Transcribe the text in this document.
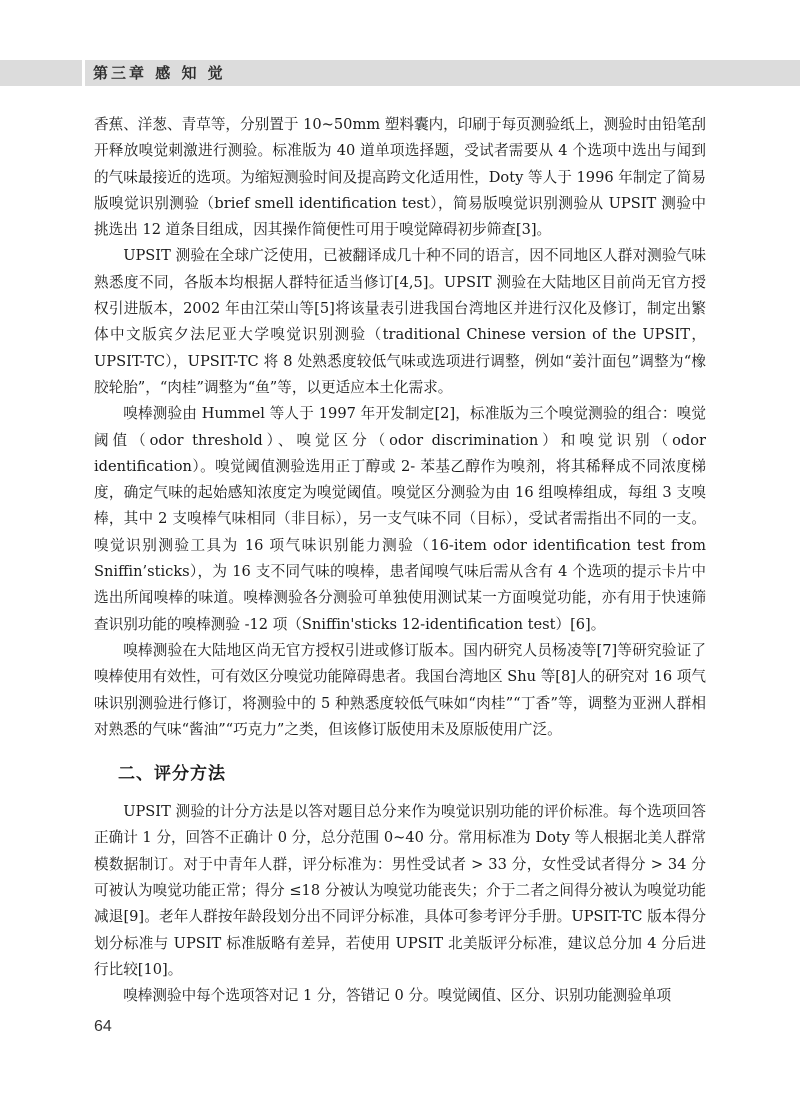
第三章 感 知 觉

香蕉、洋葱、青草等，分别置于 10~50mm 塑料囊内，印刷于每页测验纸上，测验时由铅笔刮开释放嗅觉刺激进行测验。标准版为 40 道单项选择题，受试者需要从 4 个选项中选出与闻到的气味最接近的选项。为缩短测验时间及提高跨文化适用性，Doty 等人于 1996 年制定了简易版嗅觉识别测验（brief smell identification test），简易版嗅觉识别测验从 UPSIT 测验中挑选出 12 道条目组成，因其操作简便性可用于嗅觉障碍初步筛查[3]。

UPSIT 测验在全球广泛使用，已被翻译成几十种不同的语言，因不同地区人群对测验气味熟悉度不同，各版本均根据人群特征适当修订[4,5]。UPSIT 测验在大陆地区目前尚无官方授权引进版本，2002 年由江荣山等[5]将该量表引进我国台湾地区并进行汉化及修订，制定出繁体中文版宾夕法尼亚大学嗅觉识别测验（traditional Chinese version of the UPSIT，UPSIT-TC），UPSIT-TC 将 8 处熟悉度较低气味或选项进行调整，例如“姜汁面包”调整为“橡胶轮胎”，“肉桂”调整为“鱼”等，以更适应本土化需求。

嗅棒测验由 Hummel 等人于 1997 年开发制定[2]，标准版为三个嗅觉测验的组合：嗅觉阈值（odor threshold）、嗅觉区分（odor discrimination）和嗅觉识别（odor identification）。嗅觉阈值测验选用正丁醇或 2- 苯基乙醇作为嗅剂，将其稀释成不同浓度梯度，确定气味的起始感知浓度定为嗅觉阈值。嗅觉区分测验为由 16 组嗅棒组成，每组 3 支嗅棒，其中 2 支嗅棒气味相同（非目标），另一支气味不同（目标），受试者需指出不同的一支。嗅觉识别测验工具为 16 项气味识别能力测验（16-item odor identification test from Sniffin’sticks），为 16 支不同气味的嗅棒，患者闻嗅气味后需从含有 4 个选项的提示卡片中选出所闻嗅棒的味道。嗅棒测验各分测验可单独使用测试某一方面嗅觉功能，亦有用于快速筛查识别功能的嗅棒测验 -12 项（Sniffin'sticks 12-identification test）[6]。

嗅棒测验在大陆地区尚无官方授权引进或修订版本。国内研究人员杨凌等[7]等研究验证了嗅棒使用有效性，可有效区分嗅觉功能障碍患者。我国台湾地区 Shu 等[8]人的研究对 16 项气味识别测验进行修订，将测验中的 5 种熟悉度较低气味如“肉桂”“丁香”等，调整为亚洲人群相对熟悉的气味“酱油”“巧克力”之类，但该修订版使用未及原版使用广泛。

二、评分方法

UPSIT 测验的计分方法是以答对题目总分来作为嗅觉识别功能的评价标准。每个选项回答正确计 1 分，回答不正确计 0 分，总分范围 0~40 分。常用标准为 Doty 等人根据北美人群常模数据制订。对于中青年人群，评分标准为：男性受试者 > 33 分，女性受试者得分 > 34 分可被认为嗅觉功能正常；得分 ≤18 分被认为嗅觉功能丧失；介于二者之间得分被认为嗅觉功能减退[9]。老年人群按年龄段划分出不同评分标准，具体可参考评分手册。UPSIT-TC 版本得分划分标准与 UPSIT 标准版略有差异，若使用 UPSIT 北美版评分标准，建议总分加 4 分后进行比较[10]。

嗅棒测验中每个选项答对记 1 分，答错记 0 分。嗅觉阈值、区分、识别功能测验单项

64
